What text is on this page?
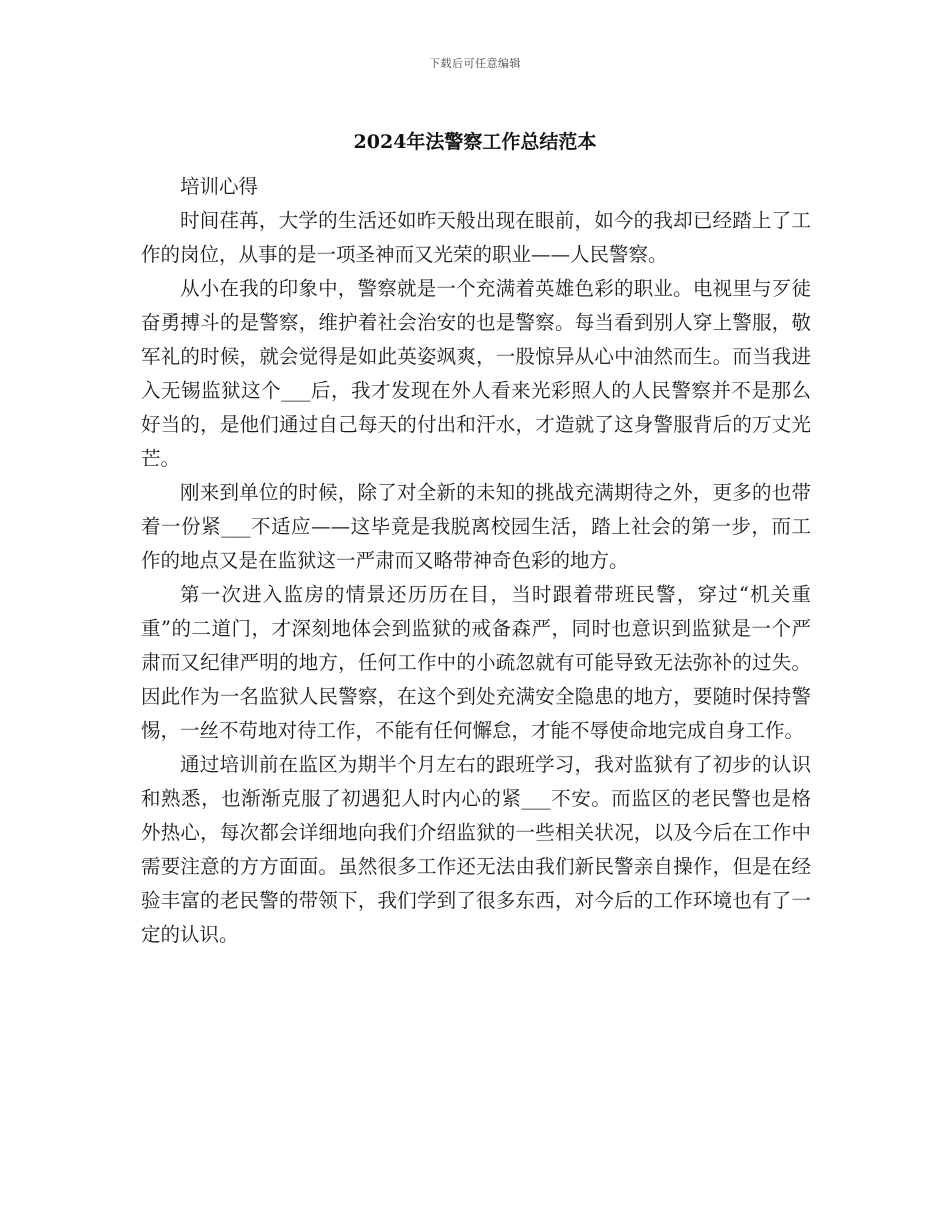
下载后可任意编辑
2024年法警察工作总结范本

培训心得

时间荏苒，大学的生活还如昨天般出现在眼前，如今的我却已经踏上了工作的岗位，从事的是一项圣神而又光荣的职业——人民警察。

从小在我的印象中，警察就是一个充满着英雄色彩的职业。电视里与歹徒奋勇搏斗的是警察，维护着社会治安的也是警察。每当看到别人穿上警服，敬军礼的时候，就会觉得是如此英姿飒爽，一股惊异从心中油然而生。而当我进入无锡监狱这个___后，我才发现在外人看来光彩照人的人民警察并不是那么好当的，是他们通过自己每天的付出和汗水，才造就了这身警服背后的万丈光芒。

刚来到单位的时候，除了对全新的未知的挑战充满期待之外，更多的也带着一份紧___不适应——这毕竟是我脱离校园生活，踏上社会的第一步，而工作的地点又是在监狱这一严肃而又略带神奇色彩的地方。

第一次进入监房的情景还历历在目，当时跟着带班民警，穿过“机关重重”的二道门，才深刻地体会到监狱的戒备森严，同时也意识到监狱是一个严肃而又纪律严明的地方，任何工作中的小疏忽就有可能导致无法弥补的过失。因此作为一名监狱人民警察，在这个到处充满安全隐患的地方，要随时保持警惕，一丝不苟地对待工作，不能有任何懈怠，才能不辱使命地完成自身工作。

通过培训前在监区为期半个月左右的跟班学习，我对监狱有了初步的认识和熟悉，也渐渐克服了初遇犯人时内心的紧___不安。而监区的老民警也是格外热心，每次都会详细地向我们介绍监狱的一些相关状况，以及今后在工作中需要注意的方方面面。虽然很多工作还无法由我们新民警亲自操作，但是在经验丰富的老民警的带领下，我们学到了很多东西，对今后的工作环境也有了一定的认识。
